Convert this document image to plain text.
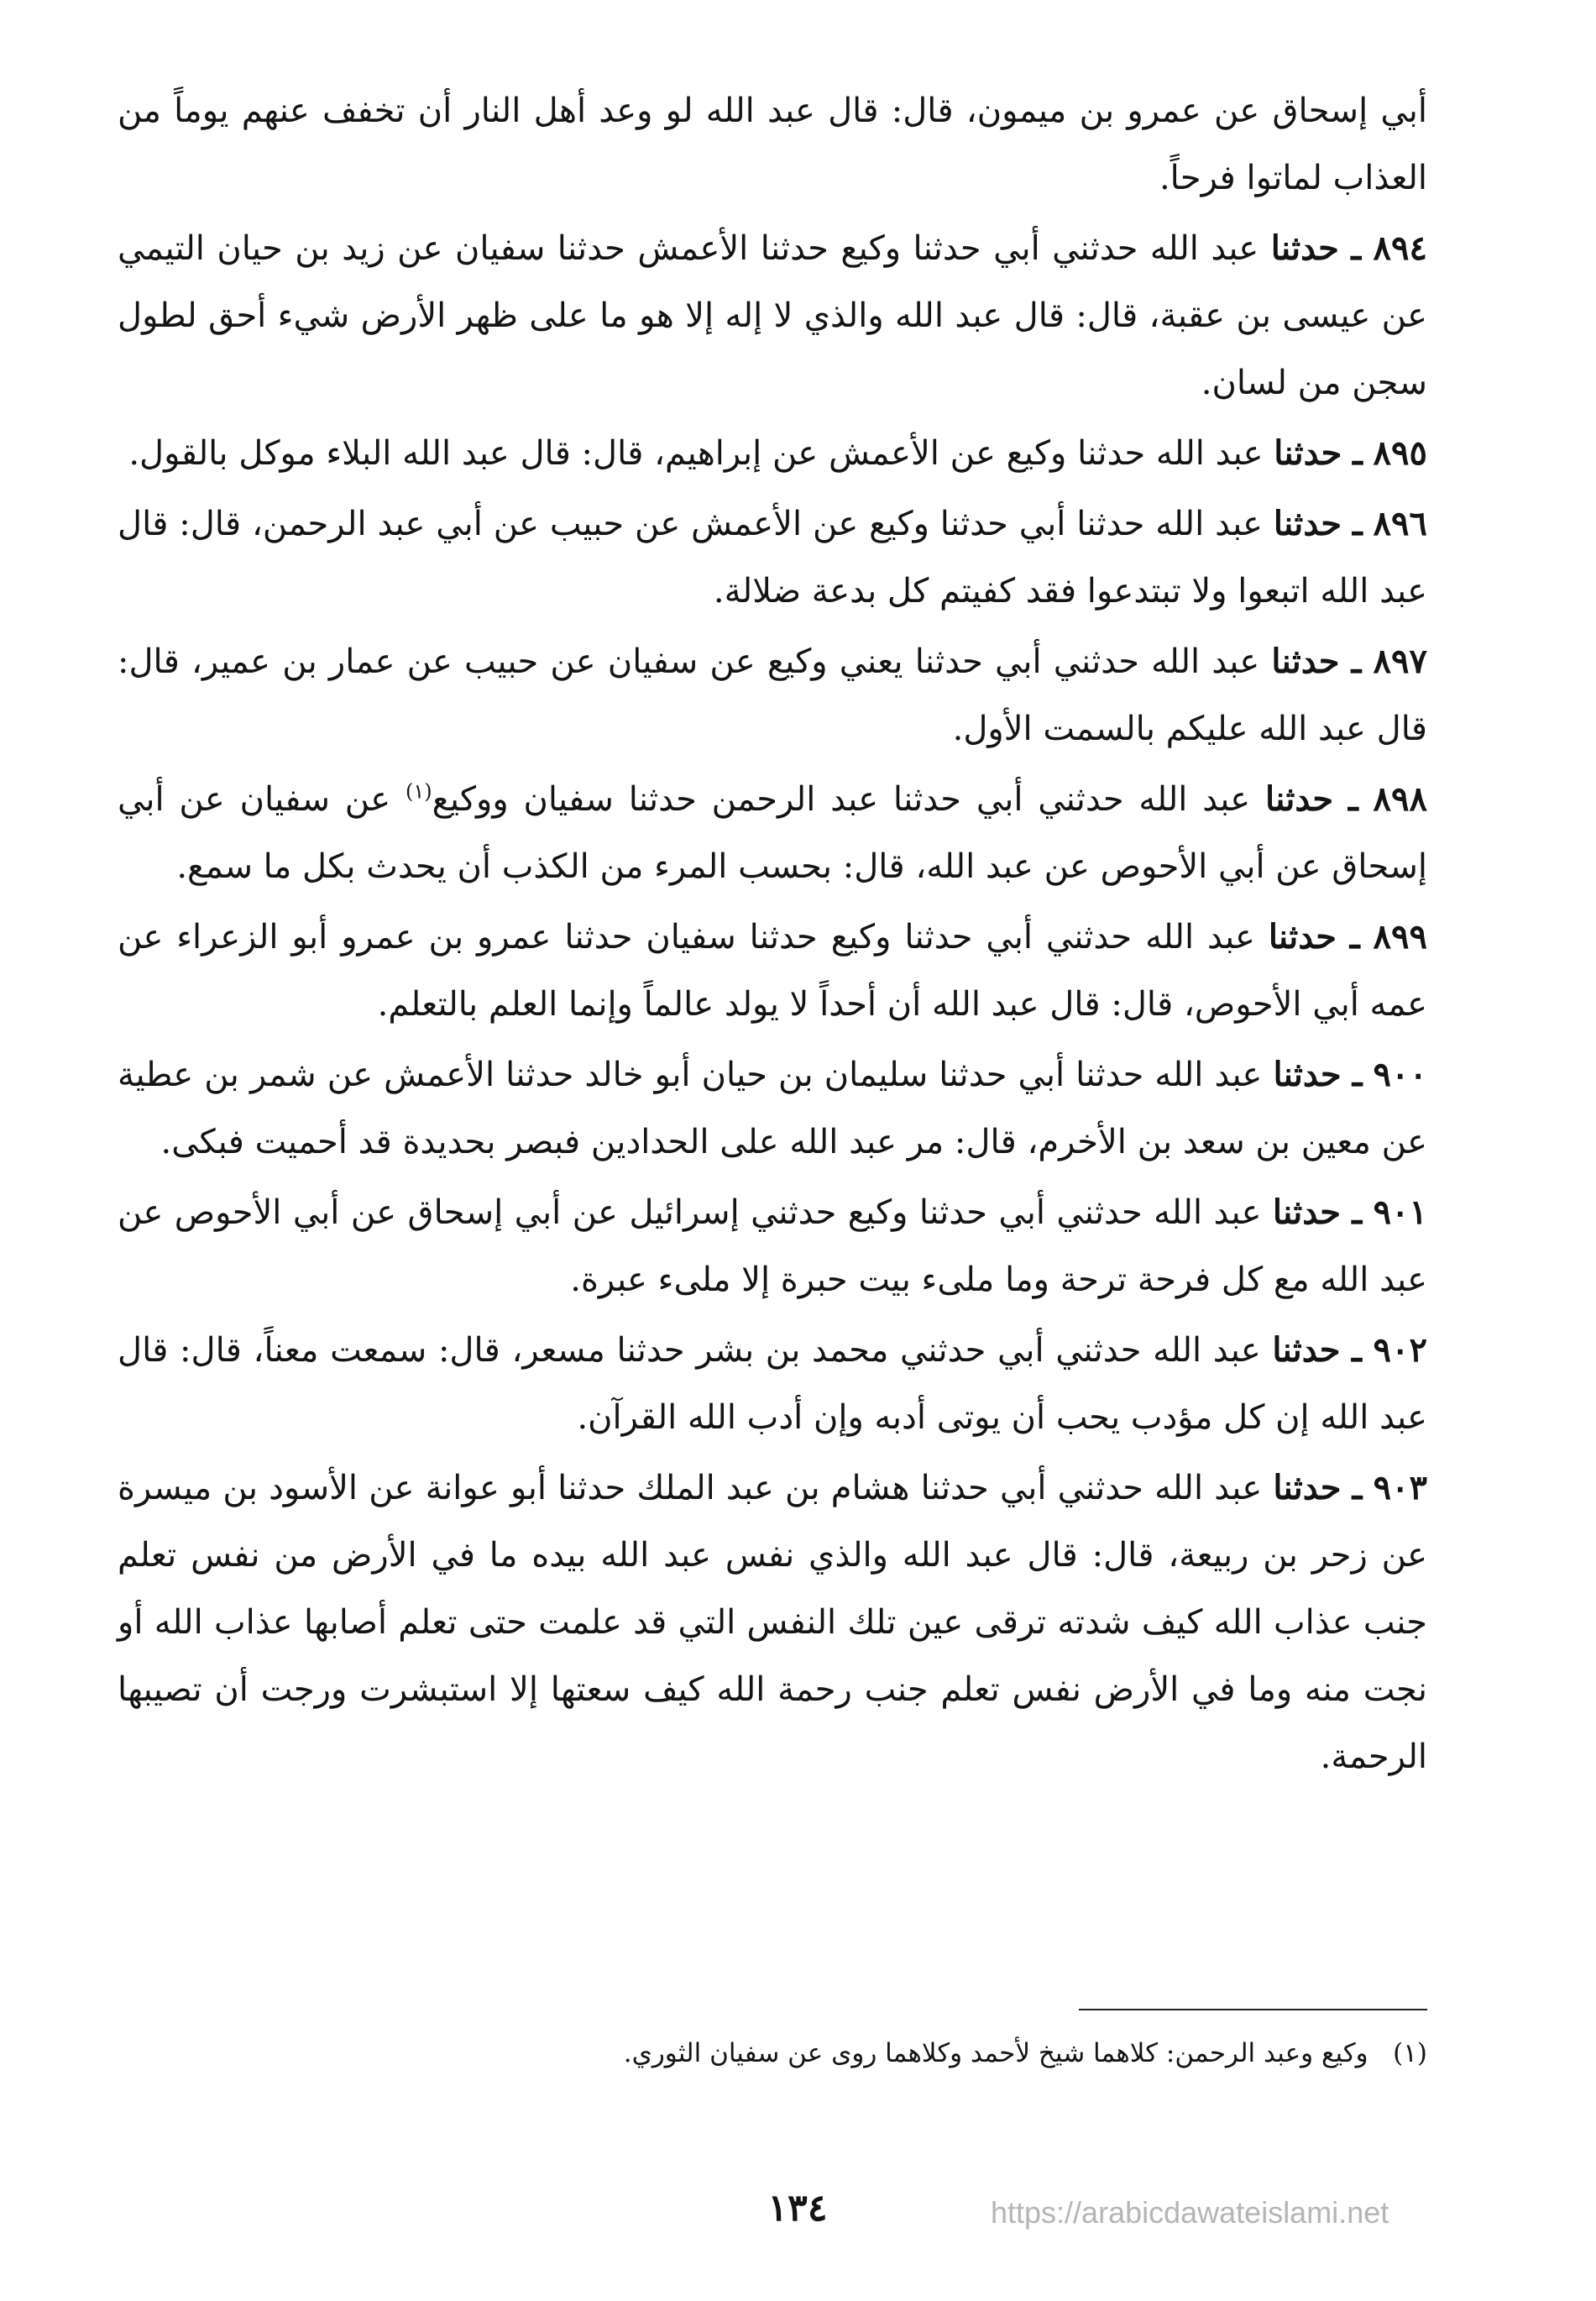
أبي إسحاق عن عمرو بن ميمون، قال: قال عبد الله لو وعد أهل النار أن تخفف عنهم يوماً من العذاب لماتوا فرحاً.

٨٩٤ ـ حدثنا عبد الله حدثني أبي حدثنا وكيع حدثنا الأعمش حدثنا سفيان عن زيد بن حيان التيمي عن عيسى بن عقبة، قال: قال عبد الله والذي لا إله إلا هو ما على ظهر الأرض شيء أحق لطول سجن من لسان.

٨٩٥ ـ حدثنا عبد الله حدثنا وكيع عن الأعمش عن إبراهيم، قال: قال عبد الله البلاء موكل بالقول.

٨٩٦ ـ حدثنا عبد الله حدثنا أبي حدثنا وكيع عن الأعمش عن حبيب عن أبي عبد الرحمن، قال: قال عبد الله اتبعوا ولا تبتدعوا فقد كفيتم كل بدعة ضلالة.

٨٩٧ ـ حدثنا عبد الله حدثني أبي حدثنا يعني وكيع عن سفيان عن حبيب عن عمار بن عمير، قال: قال عبد الله عليكم بالسمت الأول.

٨٩٨ ـ حدثنا عبد الله حدثني أبي حدثنا عبد الرحمن حدثنا سفيان ووكيع$^{(١)}$ عن سفيان عن أبي إسحاق عن أبي الأحوص عن عبد الله، قال: بحسب المرء من الكذب أن يحدث بكل ما سمع.

٨٩٩ ـ حدثنا عبد الله حدثني أبي حدثنا وكيع حدثنا سفيان حدثنا عمرو بن عمرو أبو الزعراء عن عمه أبي الأحوص، قال: قال عبد الله أن أحداً لا يولد عالماً وإنما العلم بالتعلم.

٩٠٠ ـ حدثنا عبد الله حدثنا أبي حدثنا سليمان بن حيان أبو خالد حدثنا الأعمش عن شمر بن عطية عن معين بن سعد بن الأخرم، قال: مر عبد الله على الحدادين فبصر بحديدة قد أحميت فبكى.

٩٠١ ـ حدثنا عبد الله حدثني أبي حدثنا وكيع حدثني إسرائيل عن أبي إسحاق عن أبي الأحوص عن عبد الله مع كل فرحة ترحة وما ملىء بيت حبرة إلا ملىء عبرة.

٩٠٢ ـ حدثنا عبد الله حدثني أبي حدثني محمد بن بشر حدثنا مسعر، قال: سمعت معناً، قال: قال عبد الله إن كل مؤدب يحب أن يوتى أدبه وإن أدب الله القرآن.

٩٠٣ ـ حدثنا عبد الله حدثني أبي حدثنا هشام بن عبد الملك حدثنا أبو عوانة عن الأسود بن ميسرة عن زحر بن ربيعة، قال: قال عبد الله والذي نفس عبد الله بيده ما في الأرض من نفس تعلم جنب عذاب الله كيف شدته ترقى عين تلك النفس التي قد علمت حتى تعلم أصابها عذاب الله أو نجت منه وما في الأرض نفس تعلم جنب رحمة الله كيف سعتها إلا استبشرت ورجت أن تصيبها الرحمة.

(١)   وكيع وعبد الرحمن: كلاهما شيخ لأحمد وكلاهما روى عن سفيان الثوري.
١٣٤	https://arabicdawateislami.net
